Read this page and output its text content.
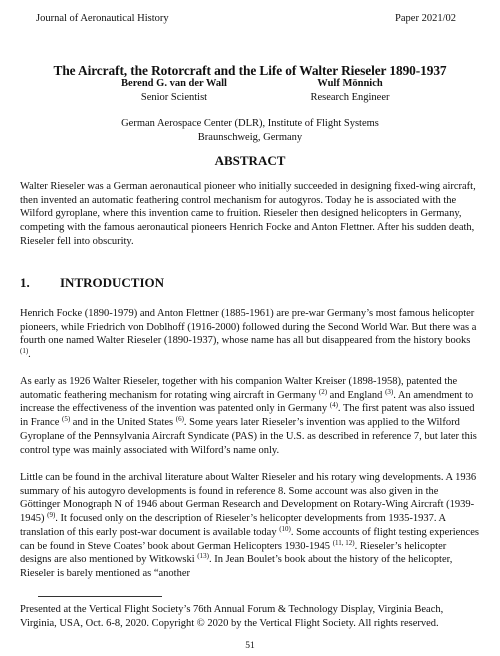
Journal of Aeronautical History	Paper 2021/02
The Aircraft, the Rotorcraft and the Life of Walter Rieseler 1890-1937
Berend G. van der Wall
Senior Scientist
Wulf Mönnich
Research Engineer
German Aerospace Center (DLR), Institute of Flight Systems
Braunschweig, Germany
ABSTRACT

Walter Rieseler was a German aeronautical pioneer who initially succeeded in designing fixed-wing aircraft, then invented an automatic feathering control mechanism for autogyros. Today he is associated with the Wilford gyroplane, where this invention came to fruition. Rieseler then designed helicopters in Germany, competing with the famous aeronautical pioneers Henrich Focke and Anton Flettner. After his sudden death, Rieseler fell into obscurity.

1. INTRODUCTION

Henrich Focke (1890-1979) and Anton Flettner (1885-1961) are pre-war Germany’s most famous helicopter pioneers, while Friedrich von Doblhoff (1916-2000) followed during the Second World War. But there was a fourth one named Walter Rieseler (1890-1937), whose name has all but disappeared from the history books $^{(1)}$.

As early as 1926 Walter Rieseler, together with his companion Walter Kreiser (1898-1958), patented the automatic feathering mechanism for rotating wing aircraft in Germany $^{(2)}$ and England $^{(3)}$. An amendment to increase the effectiveness of the invention was patented only in Germany $^{(4)}$. The first patent was also issued in France $^{(5)}$ and in the United States $^{(6)}$. Some years later Rieseler’s invention was applied to the Wilford Gyroplane of the Pennsylvania Aircraft Syndicate (PAS) in the U.S. as described in reference 7, but later this control type was mainly associated with Wilford’s name only.

Little can be found in the archival literature about Walter Rieseler and his rotary wing developments. A 1936 summary of his autogyro developments is found in reference 8. Some account was also given in the Göttinger Monograph N of 1946 about German Research and Development on Rotary-Wing Aircraft (1939-1945) $^{(9)}$. It focused only on the description of Rieseler’s helicopter developments from 1935-1937. A translation of this early post-war document is available today $^{(10)}$. Some accounts of flight testing experiences can be found in Steve Coates’ book about German Helicopters 1930-1945 $^{(11, 12)}$. Rieseler’s helicopter designs are also mentioned by Witkowski $^{(13)}$. In Jean Boulet’s book about the history of the helicopter, Rieseler is barely mentioned as “another

Presented at the Vertical Flight Society’s 76th Annual Forum & Technology Display, Virginia Beach, Virginia, USA, Oct. 6-8, 2020. Copyright © 2020 by the Vertical Flight Society. All rights reserved.
51
